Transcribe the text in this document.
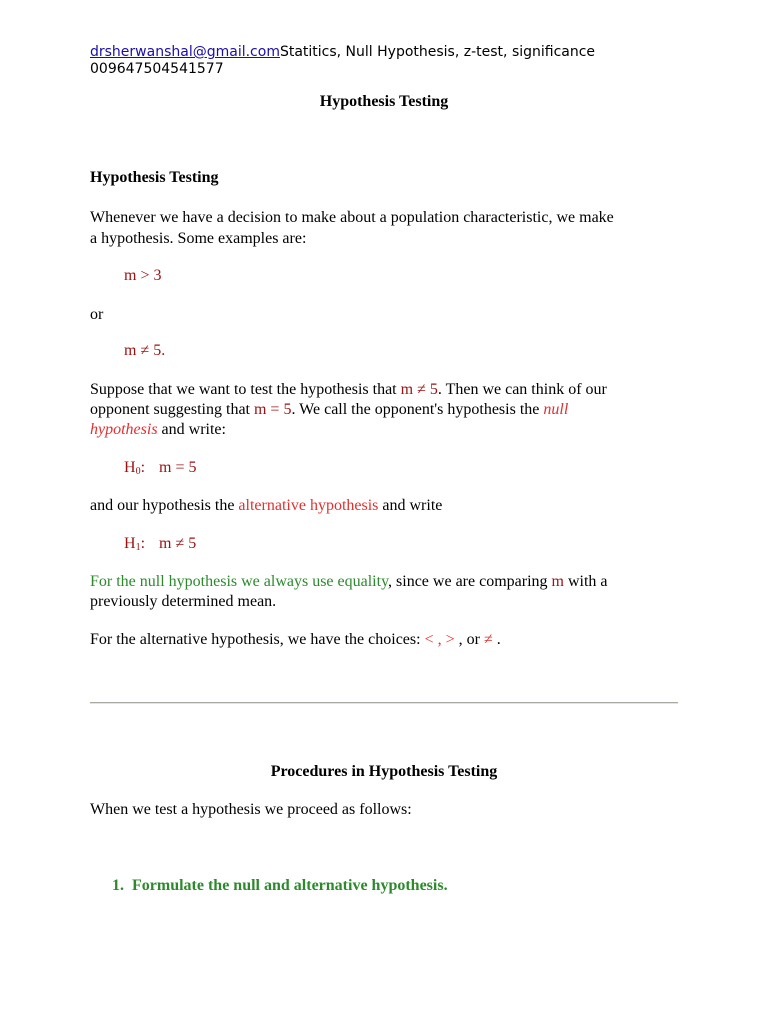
drsherwanshal@gmail.comStatitics, Null Hypothesis, z-test, significance
009647504541577
Hypothesis Testing
Hypothesis Testing
Whenever we have a decision to make about a population characteristic, we make
a hypothesis. Some examples are:
m > 3
or
m ≠ 5.
Suppose that we want to test the hypothesis that m ≠ 5. Then we can think of our
opponent suggesting that m = 5. We call the opponent's hypothesis the null
hypothesis and write:
$H_0$: m = 5
and our hypothesis the alternative hypothesis and write
$H_1$: m ≠ 5
For the null hypothesis we always use equality, since we are comparing m with a
previously determined mean.
For the alternative hypothesis, we have the choices: < , > , or ≠ .
Procedures in Hypothesis Testing
When we test a hypothesis we proceed as follows:
1. Formulate the null and alternative hypothesis.
